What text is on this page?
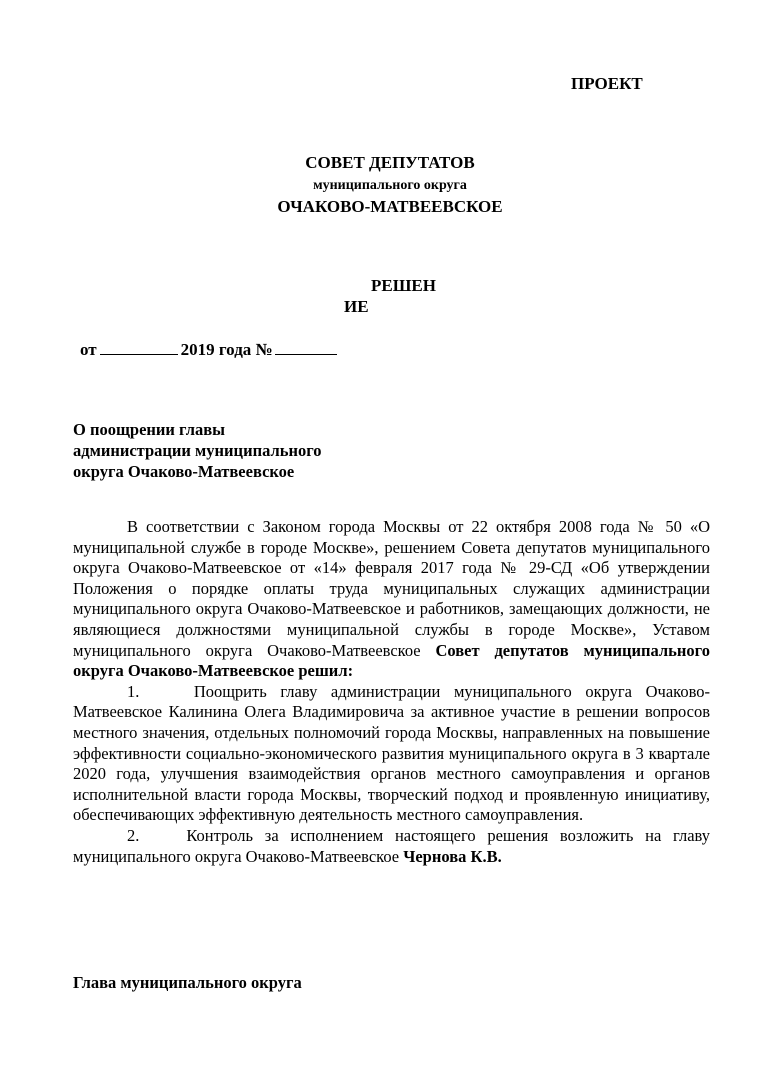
ПРОЕКТ
СОВЕТ ДЕПУТАТОВ
муниципального округа
ОЧАКОВО-МАТВЕЕВСКОЕ
РЕШЕН
ИЕ
от	2019 года №
О поощрении главы
администрации муниципального
округа Очаково-Матвеевское

В соответствии с Законом города Москвы от 22 октября 2008 года № 50 «О муниципальной службе в городе Москве», решением Совета депутатов муниципального округа Очаково-Матвеевское от «14» февраля 2017 года № 29-СД «Об утверждении Положения о порядке оплаты труда муниципальных служащих администрации муниципального округа Очаково-Матвеевское и работников, замещающих должности, не являющиеся должностями муниципальной службы в городе Москве», Уставом муниципального округа Очаково-Матвеевское Совет депутатов муниципального округа Очаково-Матвеевское решил:

1.	Поощрить главу администрации муниципального округа Очаково-Матвеевское Калинина Олега Владимировича за активное участие в решении вопросов местного значения, отдельных полномочий города Москвы, направленных на повышение эффективности социально-экономического развития муниципального округа в 3 квартале 2020 года, улучшения взаимодействия органов местного самоуправления и органов исполнительной власти города Москвы, творческий подход и проявленную инициативу, обеспечивающих эффективную деятельность местного самоуправления.

2.	Контроль за исполнением настоящего решения возложить на главу муниципального округа Очаково-Матвеевское Чернова К.В.

Глава муниципального округа
